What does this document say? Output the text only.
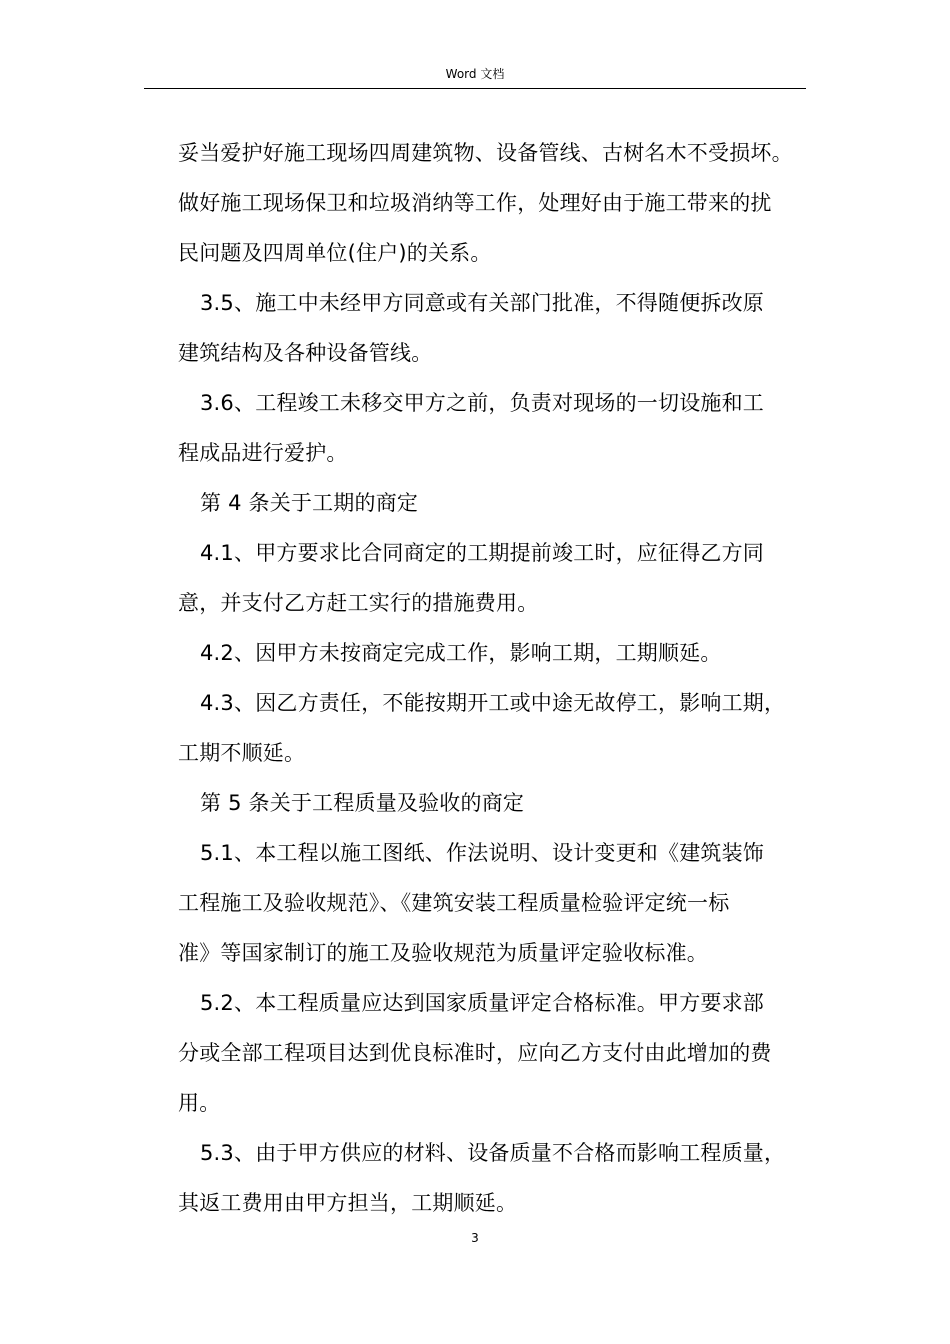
Word 文档
妥当爱护好施工现场四周建筑物、设备管线、古树名木不受损坏。
做好施工现场保卫和垃圾消纳等工作，处理好由于施工带来的扰
民问题及四周单位(住户)的关系。
3.5、施工中未经甲方同意或有关部门批准，不得随便拆改原
建筑结构及各种设备管线。
3.6、工程竣工未移交甲方之前，负责对现场的一切设施和工
程成品进行爱护。
第 4 条关于工期的商定
4.1、甲方要求比合同商定的工期提前竣工时，应征得乙方同
意，并支付乙方赶工实行的措施费用。
4.2、因甲方未按商定完成工作，影响工期，工期顺延。
4.3、因乙方责任，不能按期开工或中途无故停工，影响工期，
工期不顺延。
第 5 条关于工程质量及验收的商定
5.1、本工程以施工图纸、作法说明、设计变更和《建筑装饰
工程施工及验收规范》、《建筑安装工程质量检验评定统一标
准》等国家制订的施工及验收规范为质量评定验收标准。
5.2、本工程质量应达到国家质量评定合格标准。甲方要求部
分或全部工程项目达到优良标准时，应向乙方支付由此增加的费
用。
5.3、由于甲方供应的材料、设备质量不合格而影响工程质量，
其返工费用由甲方担当，工期顺延。
3
